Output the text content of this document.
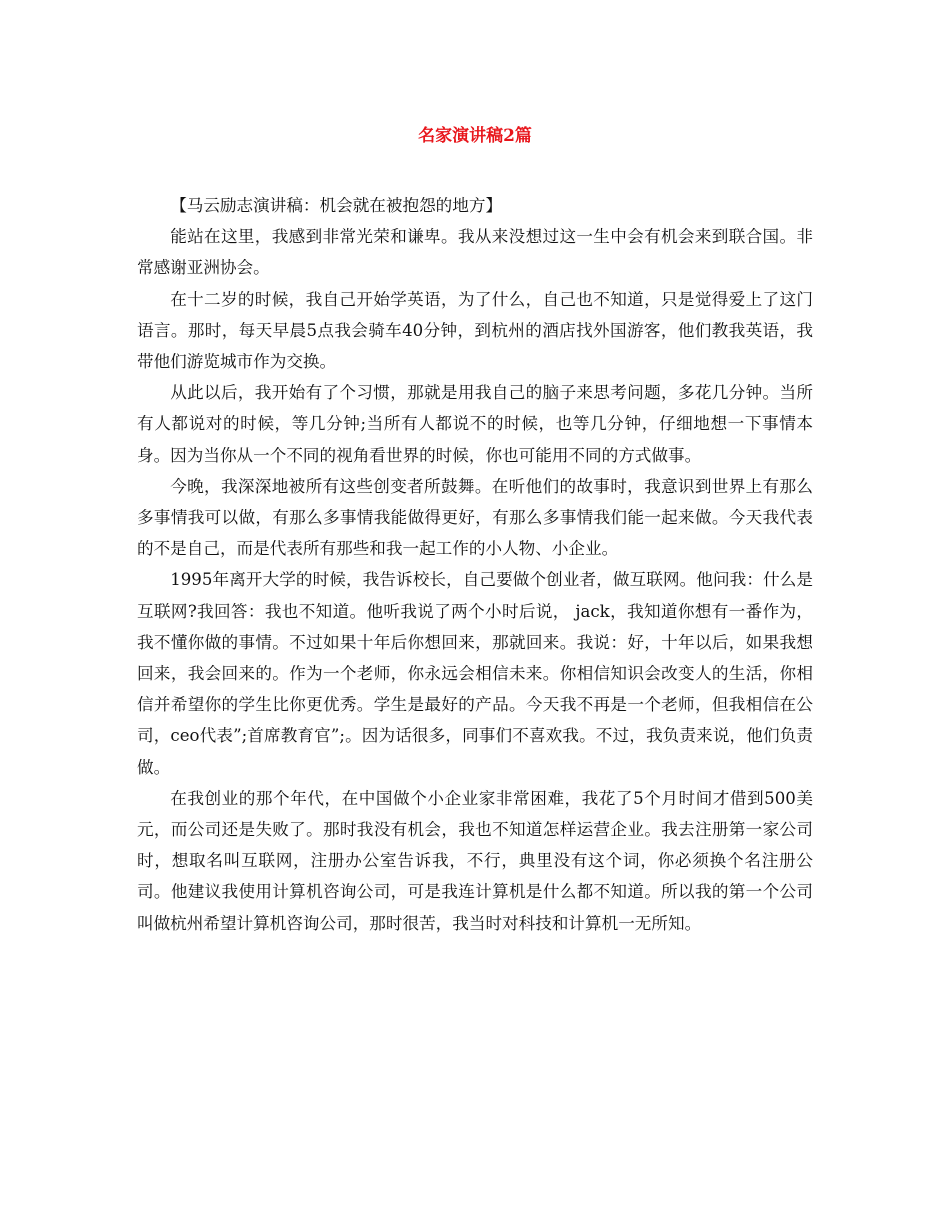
名家演讲稿2篇

【马云励志演讲稿：机会就在被抱怨的地方】

能站在这里，我感到非常光荣和谦卑。我从来没想过这一生中会有机会来到联合国。非常感谢亚洲协会。

在十二岁的时候，我自己开始学英语，为了什么，自己也不知道，只是觉得爱上了这门语言。那时，每天早晨5点我会骑车40分钟，到杭州的酒店找外国游客，他们教我英语，我带他们游览城市作为交换。

从此以后，我开始有了个习惯，那就是用我自己的脑子来思考问题，多花几分钟。当所有人都说对的时候，等几分钟;当所有人都说不的时候，也等几分钟，仔细地想一下事情本身。因为当你从一个不同的视角看世界的时候，你也可能用不同的方式做事。

今晚，我深深地被所有这些创变者所鼓舞。在听他们的故事时，我意识到世界上有那么多事情我可以做，有那么多事情我能做得更好，有那么多事情我们能一起来做。今天我代表的不是自己，而是代表所有那些和我一起工作的小人物、小企业。

1995年离开大学的时候，我告诉校长，自己要做个创业者，做互联网。他问我：什么是互联网?我回答：我也不知道。他听我说了两个小时后说， jack，我知道你想有一番作为，我不懂你做的事情。不过如果十年后你想回来，那就回来。我说：好，十年以后，如果我想回来，我会回来的。作为一个老师，你永远会相信未来。你相信知识会改变人的生活，你相信并希望你的学生比你更优秀。学生是最好的产品。今天我不再是一个老师，但我相信在公司，ceo代表”;首席教育官”;。因为话很多，同事们不喜欢我。不过，我负责来说，他们负责做。

在我创业的那个年代，在中国做个小企业家非常困难，我花了5个月时间才借到500美元，而公司还是失败了。那时我没有机会，我也不知道怎样运营企业。我去注册第一家公司时，想取名叫互联网，注册办公室告诉我，不行，典里没有这个词，你必须换个名注册公司。他建议我使用计算机咨询公司，可是我连计算机是什么都不知道。所以我的第一个公司叫做杭州希望计算机咨询公司，那时很苦，我当时对科技和计算机一无所知。
